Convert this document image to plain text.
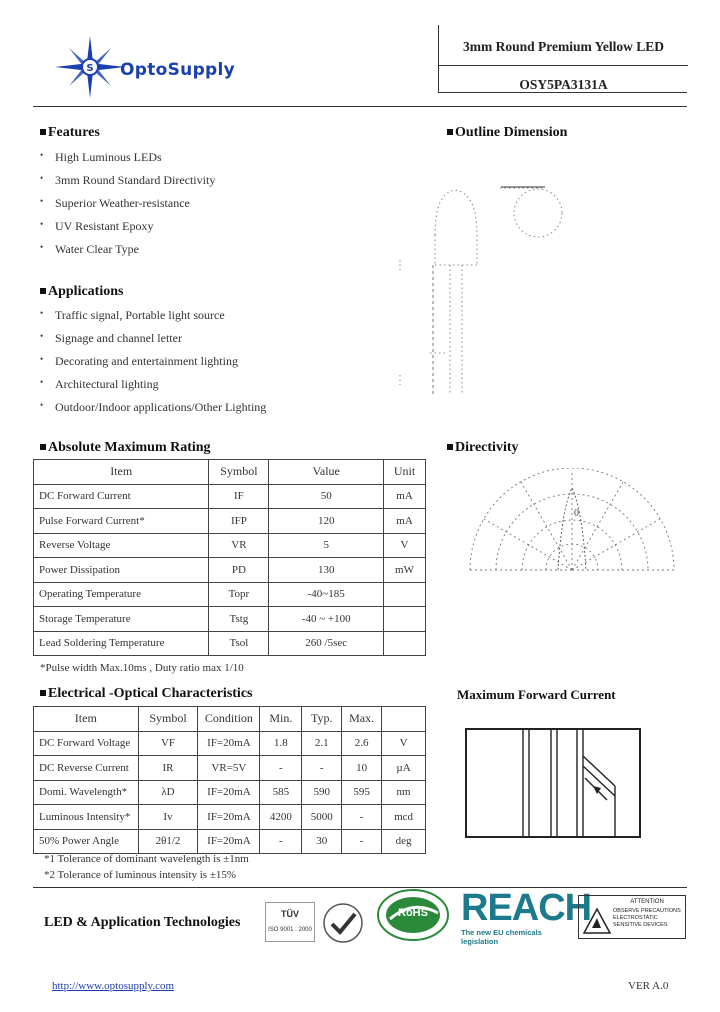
S OptoSupply
3mm Round Premium Yellow LED
OSY5PA3131A
Features
• High Luminous LEDs
• 3mm Round Standard Directivity
• Superior Weather-resistance
• UV Resistant Epoxy
• Water Clear Type
Applications
• Traffic signal, Portable light source
• Signage and channel letter
• Decorating and entertainment lighting
• Architectural lighting
• Outdoor/Indoor applications/Other Lighting
Outline Dimension
Absolute Maximum Rating
Item	Symbol	Value	Unit
DC Forward Current	IF	50	mA
Pulse Forward Current*	IFP	120	mA
Reverse Voltage	VR	5	V
Power Dissipation	PD	130	mW
Operating Temperature	Topr	-40~185	
Storage Temperature	Tstg	-40 ~ +100	
Lead Soldering Temperature	Tsol	260 /5sec	
*Pulse width Max.10ms , Duty ratio max 1/10
Directivity
0
Electrical -Optical Characteristics
Item	Symbol	Condition	Min.	Typ.	Max.	
DC Forward Voltage	VF	IF=20mA	1.8	2.1	2.6	V
DC Reverse Current	IR	VR=5V	-	-	10	µA
Domi. Wavelength*	λD	IF=20mA	585	590	595	nm
Luminous Intensity*	Iv	IF=20mA	4200	5000	-	mcd
50% Power Angle	2θ1/2	IF=20mA	-	30	-	deg
*1 Tolerance of dominant wavelength is ±1nm
*2 Tolerance of luminous intensity is ±15%
Maximum Forward Current
LED & Application Technologies
TÜV
ISO 9001 : 2000
RoHS REACH
The new EU chemicals legislation
ATTENTION
OBSERVE PRECAUTIONS ELECTROSTATIC SENSITIVE DEVICES
http://www.optosupply.com	VER A.0
